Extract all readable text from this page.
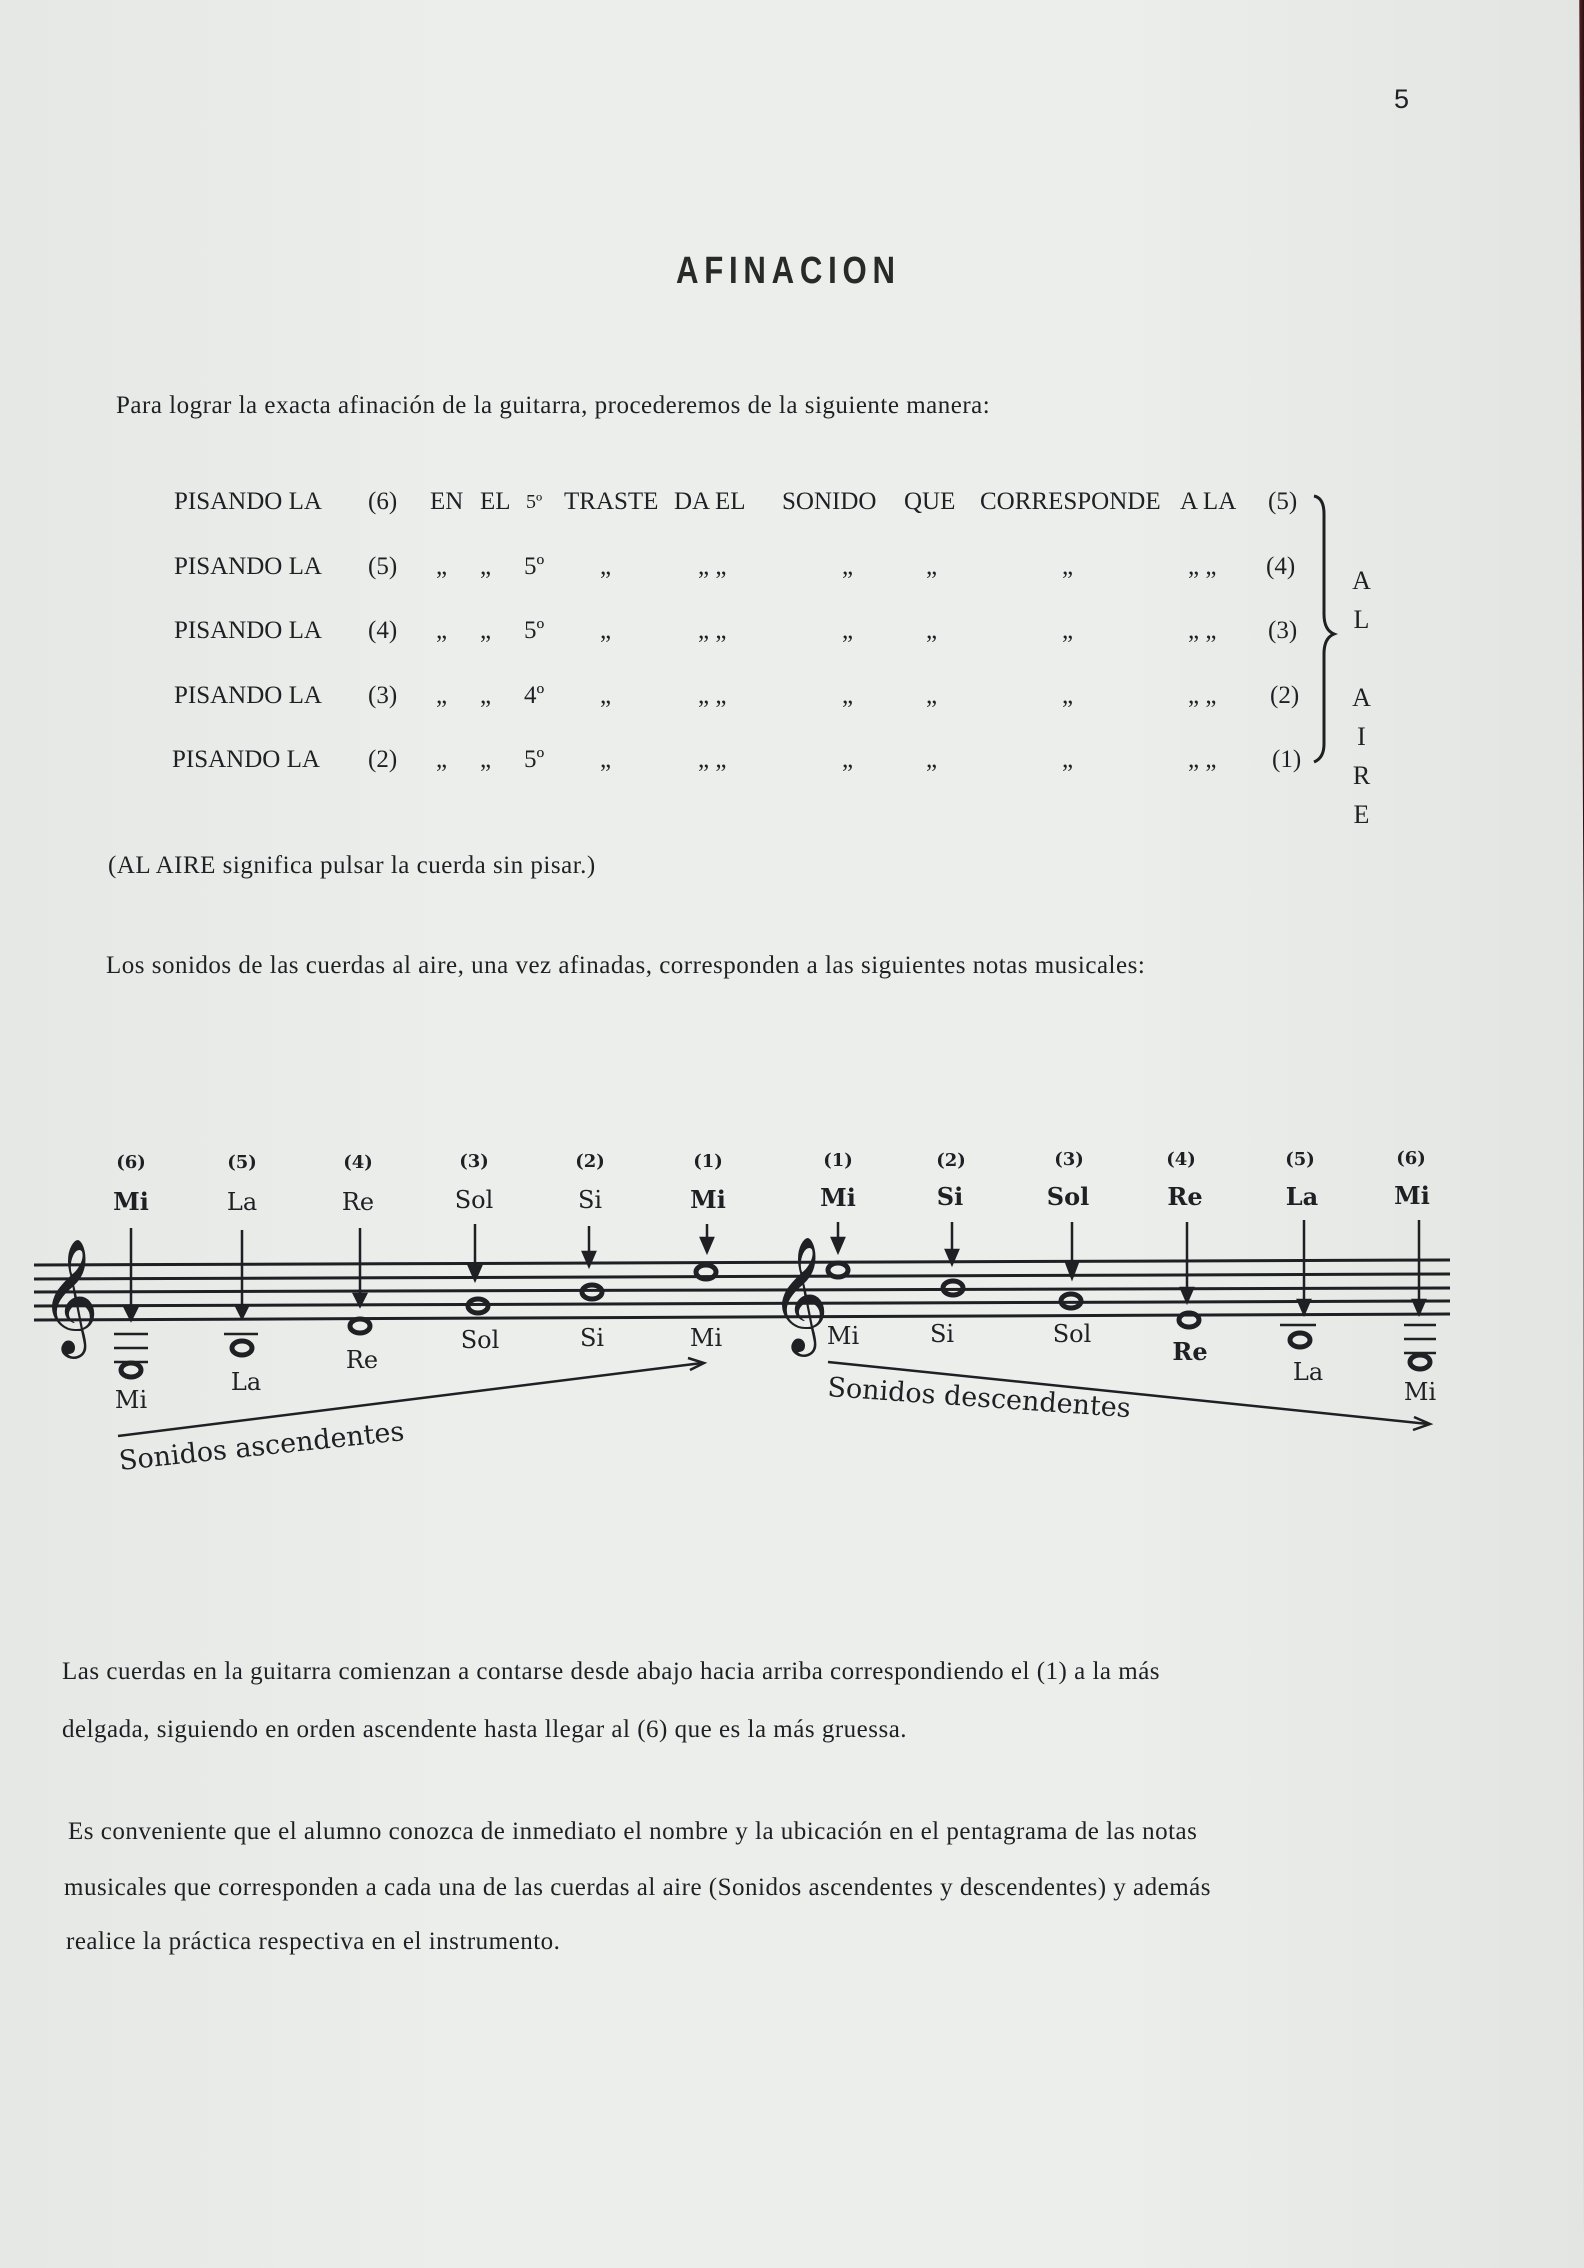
5
AFINACION
Para lograr la exacta afinación de la guitarra, procederemos de la siguiente manera:
PISANDO LA (6) EN EL 5º TRASTE DA EL SONIDO QUE CORRESPONDE A LA (5)
PISANDO LA (5) „ „ 5º „	„ „	„	„	„	„ „ (4)
PISANDO LA (4) „ „ 5º „	„ „	„	„	„	„ „ (3)
PISANDO LA (3) „ „ 4º „	„ „	„	„	„	„ „ (2)
PISANDO LA (2) „ „ 5º „	„ „	„	„	„	„ „ (1) AL AIRE
(AL AIRE significa pulsar la cuerda sin pisar.)
Los sonidos de las cuerdas al aire, una vez afinadas, corresponden a las siguientes notas musicales:
𝄞	𝄞
(6)	(5)	(4)	(3)	(2)	(1)
Mi	La	Re	Sol	Si	Mi
Mi
La
Re
Sol	Si	Mi
(1)	(2)	(3)	(4)	(5)	(6)
Mi	Si	Sol	Re	La	Mi
Mi	Si	Sol
Re
La
Mi
Sonidos ascendentes
Sonidos descendentes
Las cuerdas en la guitarra comienzan a contarse desde abajo hacia arriba correspondiendo el (1) a la más
delgada, siguiendo en orden ascendente hasta llegar al (6) que es la más gruessa.
Es conveniente que el alumno conozca de inmediato el nombre y la ubicación en el pentagrama de las notas
musicales que corresponden a cada una de las cuerdas al aire (Sonidos ascendentes y descendentes) y además
realice la práctica respectiva en el instrumento.
